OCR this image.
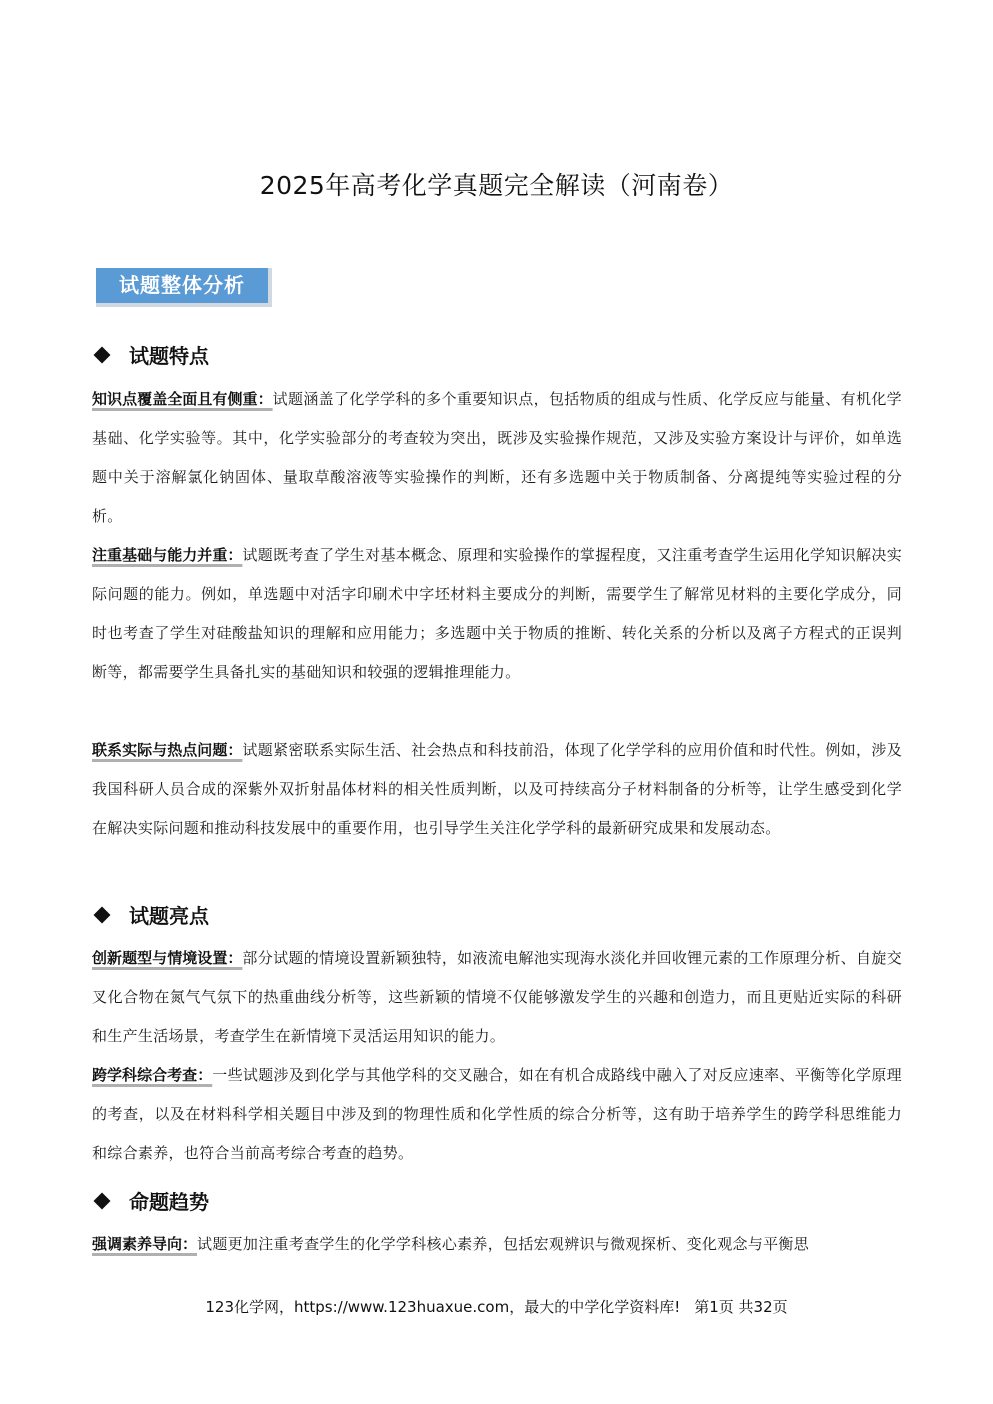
2025年高考化学真题完全解读（河南卷）
试题整体分析
试题特点
知识点覆盖全面且有侧重：试题涵盖了化学学科的多个重要知识点，包括物质的组成与性质、化学反应与能量、有机化学基础、化学实验等。其中，化学实验部分的考查较为突出，既涉及实验操作规范，又涉及实验方案设计与评价，如单选题中关于溶解氯化钠固体、量取草酸溶液等实验操作的判断，还有多选题中关于物质制备、分离提纯等实验过程的分析。
注重基础与能力并重：试题既考查了学生对基本概念、原理和实验操作的掌握程度，又注重考查学生运用化学知识解决实际问题的能力。例如，单选题中对活字印刷术中字坯材料主要成分的判断，需要学生了解常见材料的主要化学成分，同时也考查了学生对硅酸盐知识的理解和应用能力；多选题中关于物质的推断、转化关系的分析以及离子方程式的正误判断等，都需要学生具备扎实的基础知识和较强的逻辑推理能力。
联系实际与热点问题：试题紧密联系实际生活、社会热点和科技前沿，体现了化学学科的应用价值和时代性。例如，涉及我国科研人员合成的深紫外双折射晶体材料的相关性质判断，以及可持续高分子材料制备的分析等，让学生感受到化学在解决实际问题和推动科技发展中的重要作用，也引导学生关注化学学科的最新研究成果和发展动态。
试题亮点
创新题型与情境设置：部分试题的情境设置新颖独特，如液流电解池实现海水淡化并回收锂元素的工作原理分析、自旋交叉化合物在氮气气氛下的热重曲线分析等，这些新颖的情境不仅能够激发学生的兴趣和创造力，而且更贴近实际的科研和生产生活场景，考查学生在新情境下灵活运用知识的能力。
跨学科综合考查：一些试题涉及到化学与其他学科的交叉融合，如在有机合成路线中融入了对反应速率、平衡等化学原理的考查，以及在材料科学相关题目中涉及到的物理性质和化学性质的综合分析等，这有助于培养学生的跨学科思维能力和综合素养，也符合当前高考综合考查的趋势。
命题趋势
强调素养导向：试题更加注重考查学生的化学学科核心素养，包括宏观辨识与微观探析、变化观念与平衡思
123化学网，https://www.123huaxue.com，最大的中学化学资料库! 第1页 共32页
